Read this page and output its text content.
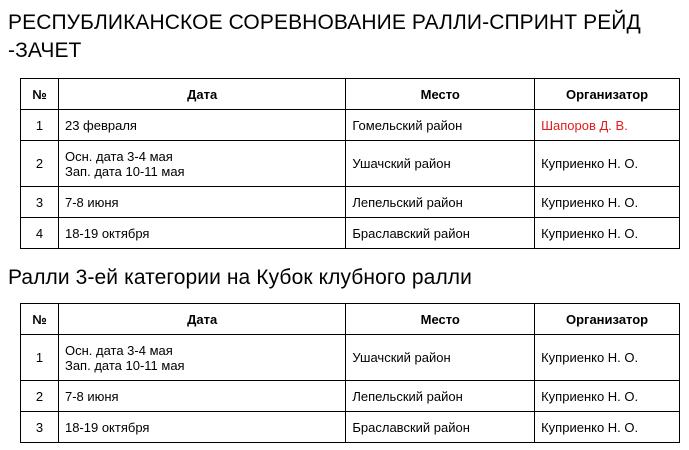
РЕСПУБЛИКАНСКОЕ СОРЕВНОВАНИЕ РАЛЛИ-СПРИНТ РЕЙД -ЗАЧЕТ
№	Дата	Место	Организатор
1	23 февраля	Гомельский район	Шапоров Д. В.
2	Осн. дата 3-4 мая
Зап. дата 10-11 мая	Ушачский район	Куприенко Н. О.
3	7-8 июня	Лепельский район	Куприенко Н. О.
4	18-19 октября	Браславский район	Куприенко Н. О.
Ралли 3-ей категории на Кубок клубного ралли
№	Дата	Место	Организатор
1	Осн. дата 3-4 мая
Зап. дата 10-11 мая	Ушачский район	Куприенко Н. О.
2	7-8 июня	Лепельский район	Куприенко Н. О.
3	18-19 октября	Браславский район	Куприенко Н. О.
